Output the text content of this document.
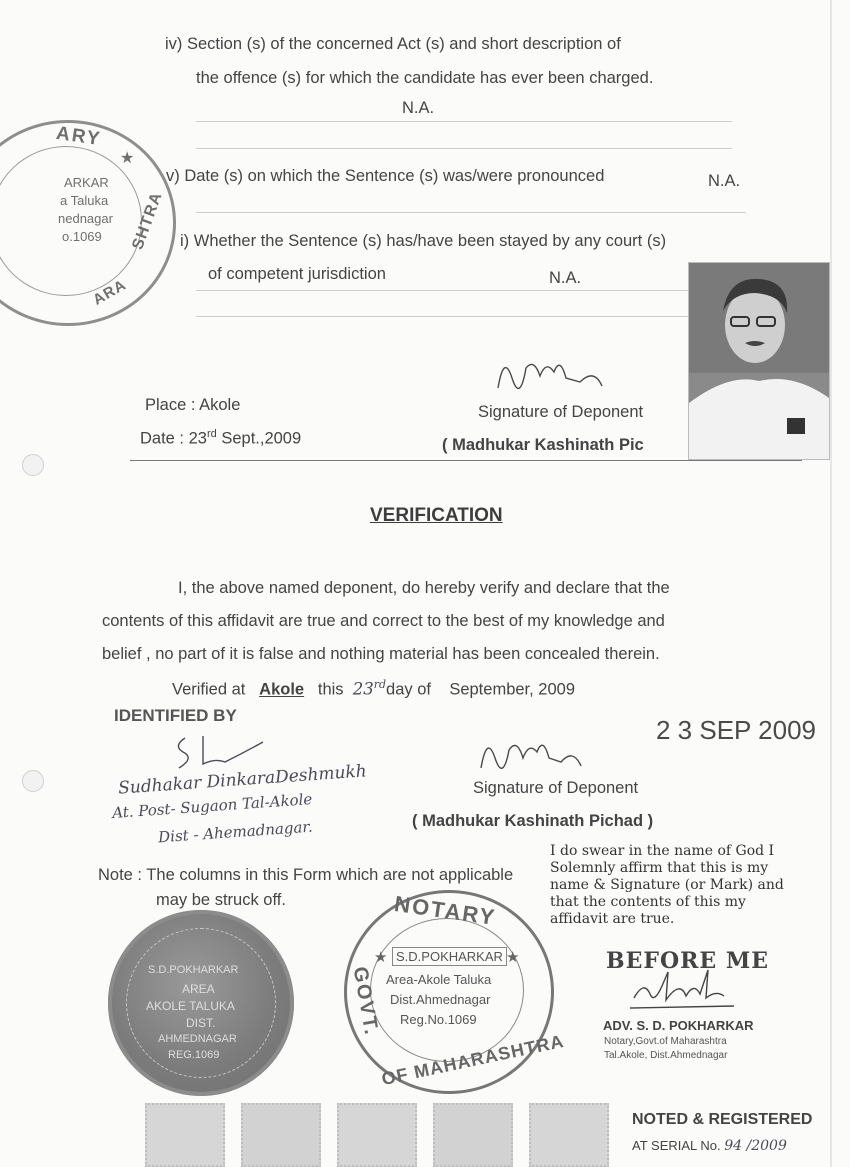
iv) Section (s) of the concerned Act (s) and short description of
the offence (s) for which the candidate has ever been charged.
N.A.
v) Date (s) on which the Sentence (s) was/were pronounced	N.A.
i) Whether the Sentence (s) has/have been stayed by any court (s)
of competent jurisdiction	N.A.
ARY
ARKAR
a Taluka
nednagar
o.1069 SHTRA
ARA
★
Place : Akole
Date : 23rd Sept.,2009
Signature of Deponent
( Madhukar Kashinath Pic
VERIFICATION
I, the above named deponent, do hereby verify and declare that the
contents of this affidavit are true and correct to the best of my knowledge and
belief , no part of it is false and nothing material has been concealed therein.
Verified at Akole this 23rdday of September, 2009
IDENTIFIED BY	2 3 SEP 2009
Sudhakar DinkaraDeshmukh
At. Post- Sugaon Tal-Akole
Dist - Ahemadnagar.
Signature of Deponent
( Madhukar Kashinath Pichad )
I do swear in the name of God I
Solemnly affirm that this is my
name & Signature (or Mark) and
that the contents of this my
affidavit are true.
Note : The columns in this Form which are not applicable
may be struck off.
S.D.POKHARKAR
AREA
AKOLE TALUKA
DIST.
AHMEDNAGAR
REG.1069
NOTARY
GOVT.
OF MAHARASHTRA
S.D.POKHARKAR
Area-Akole Taluka
Dist.Ahmednagar
Reg.No.1069
★	★	BEFORE ME
ADV. S. D. POKHARKAR
Notary,Govt.of Maharashtra
Tal.Akole, Dist.Ahmednagar
NOTED & REGISTERED
AT SERIAL No. 94 /2009
